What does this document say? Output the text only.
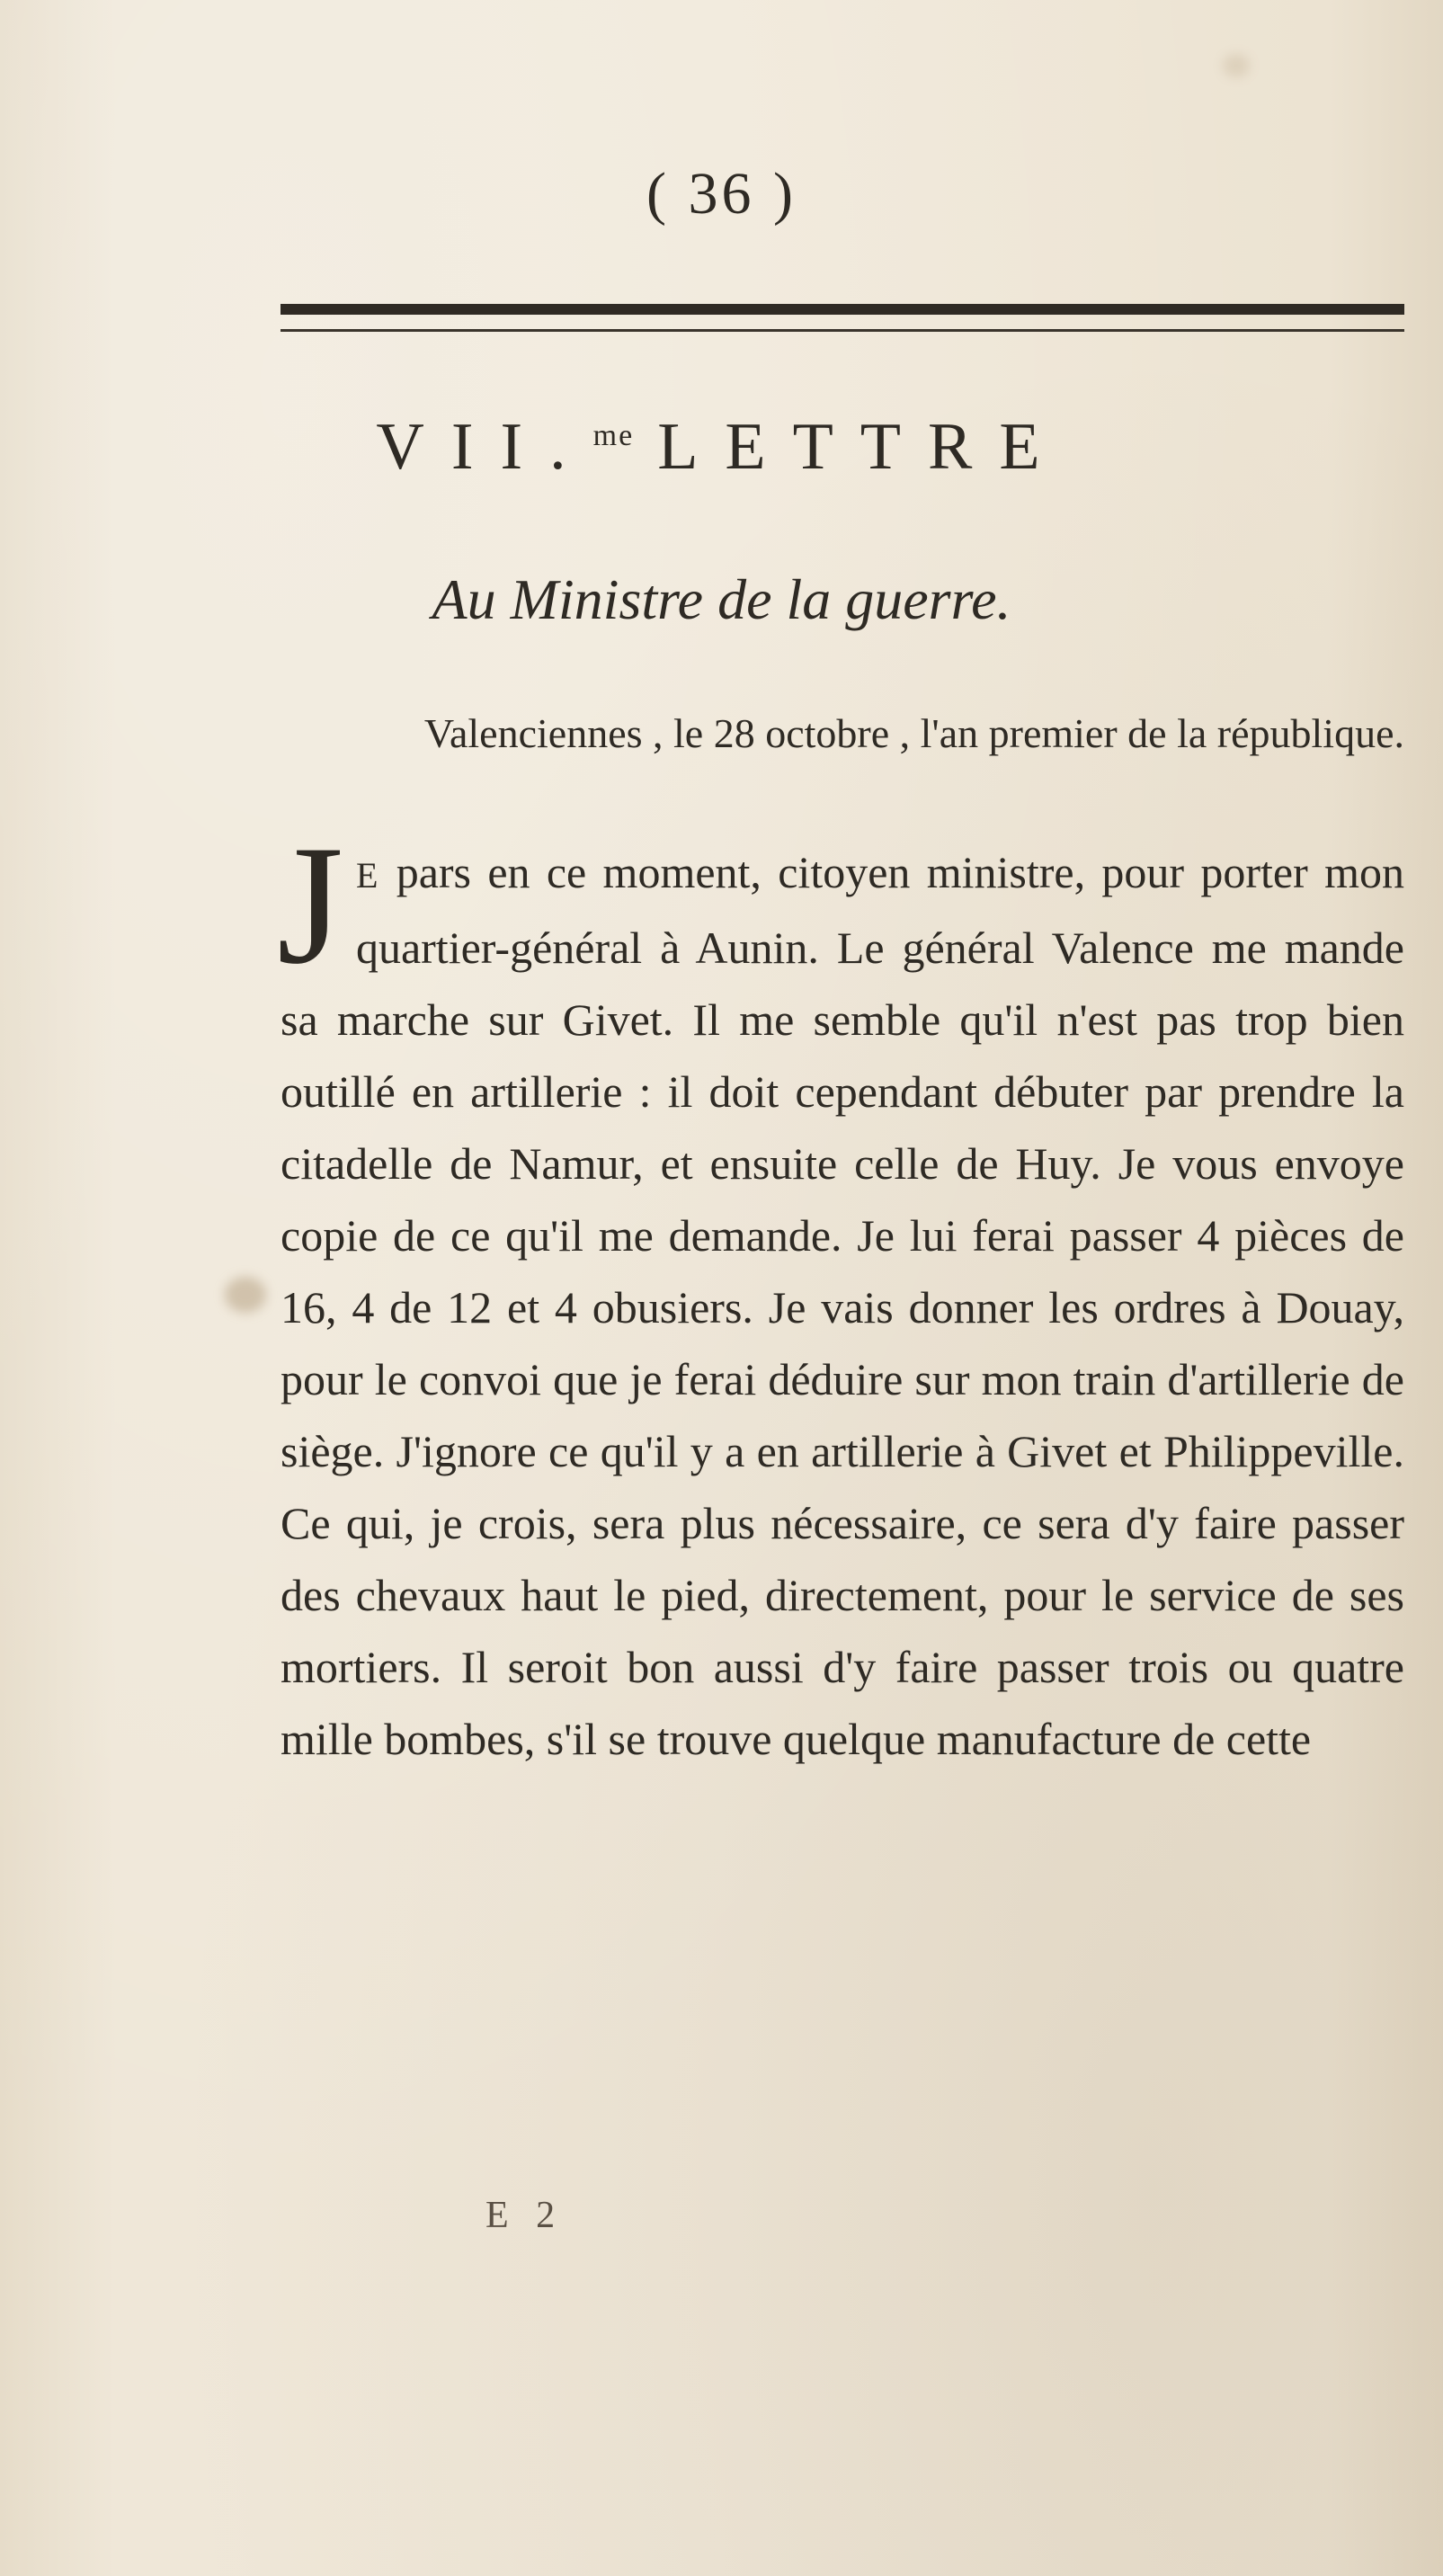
( 36 )
VII.$^{me}$ LETTRE
Au Ministre de la guerre.
Valenciennes , le 28 octobre , l'an premier de la république.
J E pars en ce moment, citoyen ministre, pour porter mon quartier-général à Aunin. Le général Valence me mande sa marche sur Givet. Il me semble qu'il n'est pas trop bien outillé en artillerie : il doit cependant débuter par prendre la citadelle de Namur, et ensuite celle de Huy. Je vous envoye copie de ce qu'il me demande. Je lui ferai passer 4 pièces de 16, 4 de 12 et 4 obusiers. Je vais donner les ordres à Douay, pour le convoi que je ferai déduire sur mon train d'artillerie de siège. J'ignore ce qu'il y a en artillerie à Givet et Philippeville. Ce qui, je crois, sera plus nécessaire, ce sera d'y faire passer des chevaux haut le pied, directement, pour le service de ses mortiers. Il seroit bon aussi d'y faire passer trois ou quatre mille bombes, s'il se trouve quelque manufacture de cette
E 2
